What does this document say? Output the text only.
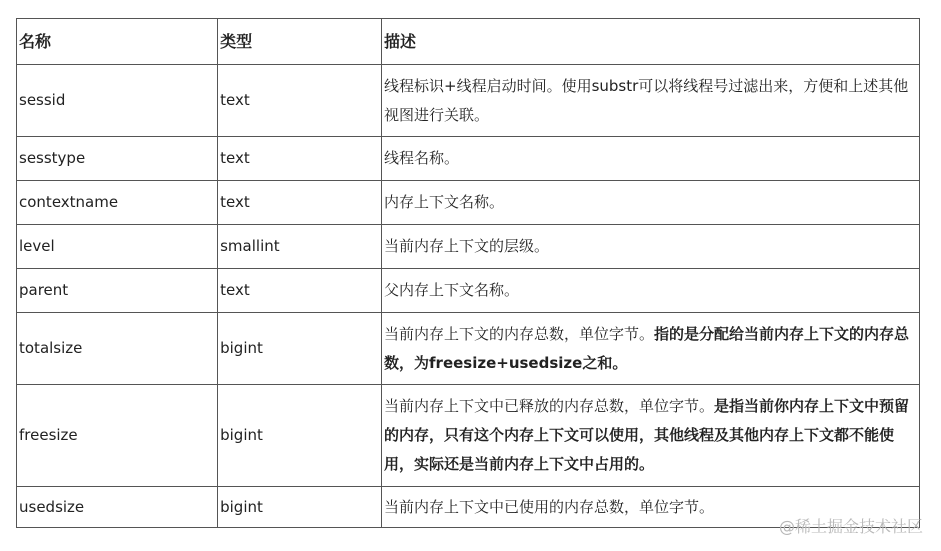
名称	类型	描述
sessid	text	线程标识+线程启动时间。使用substr可以将线程号过滤出来，方便和上述其他视图进行关联。
sesstype	text	线程名称。
contextname	text	内存上下文名称。
level	smallint	当前内存上下文的层级。
parent	text	父内存上下文名称。
totalsize	bigint	当前内存上下文的内存总数，单位字节。指的是分配给当前内存上下文的内存总数，为freesize+usedsize之和。
freesize	bigint	当前内存上下文中已释放的内存总数，单位字节。是指当前你内存上下文中预留的内存，只有这个内存上下文可以使用，其他线程及其他内存上下文都不能使用，实际还是当前内存上下文中占用的。
usedsize	bigint	当前内存上下文中已使用的内存总数，单位字节。
@稀土掘金技术社区
